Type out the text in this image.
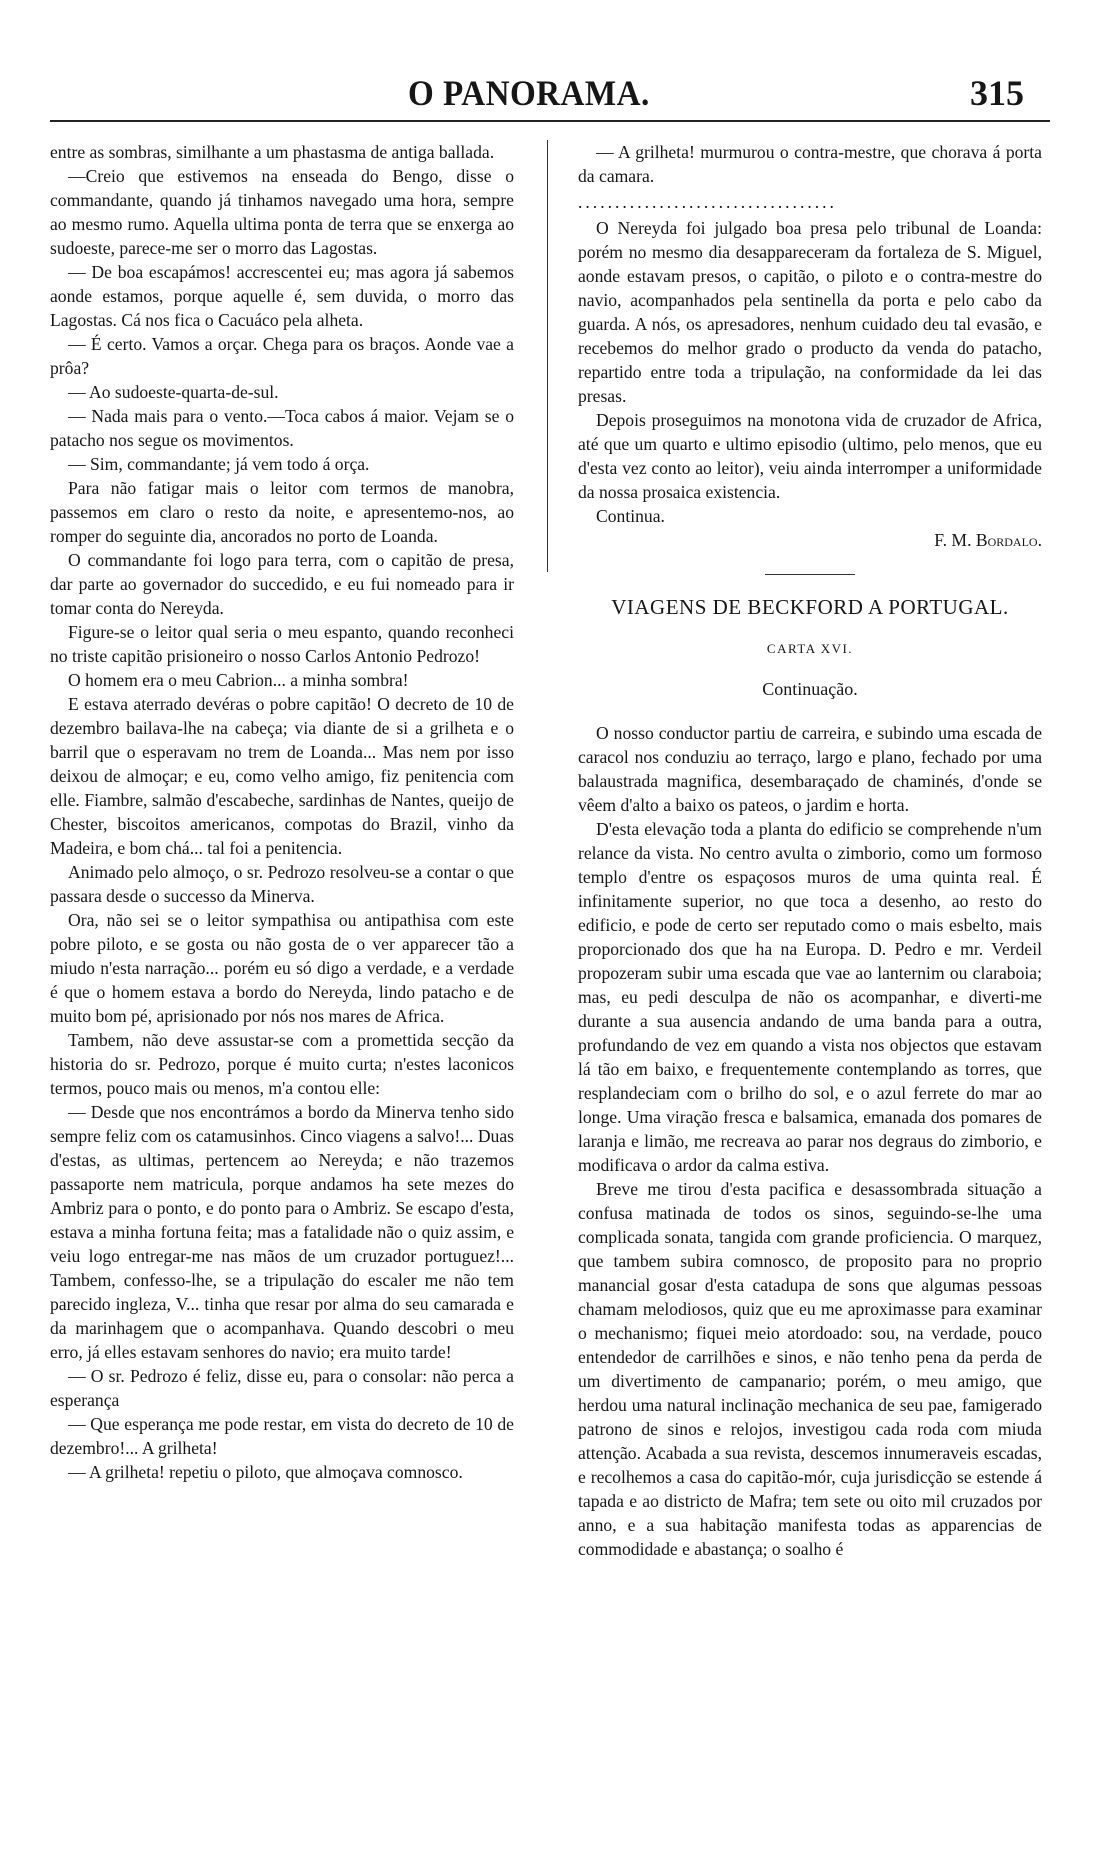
O PANORAMA.	315

entre as sombras, similhante a um phastasma de antiga ballada.

—Creio que estivemos na enseada do Bengo, disse o commandante, quando já tinhamos navegado uma hora, sempre ao mesmo rumo. Aquella ultima ponta de terra que se enxerga ao sudoeste, parece-me ser o morro das Lagostas.

— De boa escapámos! accrescentei eu; mas agora já sabemos aonde estamos, porque aquelle é, sem duvida, o morro das Lagostas. Cá nos fica o Cacuáco pela alheta.

— É certo. Vamos a orçar. Chega para os braços. Aonde vae a prôa?

— Ao sudoeste-quarta-de-sul.

— Nada mais para o vento.—Toca cabos á maior. Vejam se o patacho nos segue os movimentos.

— Sim, commandante; já vem todo á orça.

Para não fatigar mais o leitor com termos de manobra, passemos em claro o resto da noite, e apresentemo-nos, ao romper do seguinte dia, ancorados no porto de Loanda.

O commandante foi logo para terra, com o capitão de presa, dar parte ao governador do succedido, e eu fui nomeado para ir tomar conta do Nereyda.

Figure-se o leitor qual seria o meu espanto, quando reconheci no triste capitão prisioneiro o nosso Carlos Antonio Pedrozo!

O homem era o meu Cabrion... a minha sombra!

E estava aterrado devéras o pobre capitão! O decreto de 10 de dezembro bailava-lhe na cabeça; via diante de si a grilheta e o barril que o esperavam no trem de Loanda... Mas nem por isso deixou de almoçar; e eu, como velho amigo, fiz penitencia com elle. Fiambre, salmão d'escabeche, sardinhas de Nantes, queijo de Chester, biscoitos americanos, compotas do Brazil, vinho da Madeira, e bom chá... tal foi a penitencia.

Animado pelo almoço, o sr. Pedrozo resolveu-se a contar o que passara desde o successo da Minerva.

Ora, não sei se o leitor sympathisa ou antipathisa com este pobre piloto, e se gosta ou não gosta de o ver apparecer tão a miudo n'esta narração... porém eu só digo a verdade, e a verdade é que o homem estava a bordo do Nereyda, lindo patacho e de muito bom pé, aprisionado por nós nos mares de Africa.

Tambem, não deve assustar-se com a promettida secção da historia do sr. Pedrozo, porque é muito curta; n'estes laconicos termos, pouco mais ou menos, m'a contou elle:

— Desde que nos encontrámos a bordo da Minerva tenho sido sempre feliz com os catamusinhos. Cinco viagens a salvo!... Duas d'estas, as ultimas, pertencem ao Nereyda; e não trazemos passaporte nem matricula, porque andamos ha sete mezes do Ambriz para o ponto, e do ponto para o Ambriz. Se escapo d'esta, estava a minha fortuna feita; mas a fatalidade não o quiz assim, e veiu logo entregar-me nas mãos de um cruzador portuguez!... Tambem, confesso-lhe, se a tripulação do escaler me não tem parecido ingleza, V... tinha que resar por alma do seu camarada e da marinhagem que o acompanhava. Quando descobri o meu erro, já elles estavam senhores do navio; era muito tarde!

— O sr. Pedrozo é feliz, disse eu, para o consolar: não perca a esperança

— Que esperança me pode restar, em vista do decreto de 10 de dezembro!... A grilheta!

— A grilheta! repetiu o piloto, que almoçava comnosco.

— A grilheta! murmurou o contra-mestre, que chorava á porta da camara.

...................................

O Nereyda foi julgado boa presa pelo tribunal de Loanda: porém no mesmo dia desappareceram da fortaleza de S. Miguel, aonde estavam presos, o capitão, o piloto e o contra-mestre do navio, acompanhados pela sentinella da porta e pelo cabo da guarda. A nós, os apresadores, nenhum cuidado deu tal evasão, e recebemos do melhor grado o producto da venda do patacho, repartido entre toda a tripulação, na conformidade da lei das presas.

Depois proseguimos na monotona vida de cruzador de Africa, até que um quarto e ultimo episodio (ultimo, pelo menos, que eu d'esta vez conto ao leitor), veiu ainda interromper a uniformidade da nossa prosaica existencia.

Continua.

F. M. Bordalo.

VIAGENS DE BECKFORD A PORTUGAL.
CARTA XVI.
Continuação.

O nosso conductor partiu de carreira, e subindo uma escada de caracol nos conduziu ao terraço, largo e plano, fechado por uma balaustrada magnifica, desembaraçado de chaminés, d'onde se vêem d'alto a baixo os pateos, o jardim e horta.

D'esta elevação toda a planta do edificio se comprehende n'um relance da vista. No centro avulta o zimborio, como um formoso templo d'entre os espaçosos muros de uma quinta real. É infinitamente superior, no que toca a desenho, ao resto do edificio, e pode de certo ser reputado como o mais esbelto, mais proporcionado dos que ha na Europa. D. Pedro e mr. Verdeil propozeram subir uma escada que vae ao lanternim ou claraboia; mas, eu pedi desculpa de não os acompanhar, e diverti-me durante a sua ausencia andando de uma banda para a outra, profundando de vez em quando a vista nos objectos que estavam lá tão em baixo, e frequentemente contemplando as torres, que resplandeciam com o brilho do sol, e o azul ferrete do mar ao longe. Uma viração fresca e balsamica, emanada dos pomares de laranja e limão, me recreava ao parar nos degraus do zimborio, e modificava o ardor da calma estiva.

Breve me tirou d'esta pacifica e desassombrada situação a confusa matinada de todos os sinos, seguindo-se-lhe uma complicada sonata, tangida com grande proficiencia. O marquez, que tambem subira comnosco, de proposito para no proprio manancial gosar d'esta catadupa de sons que algumas pessoas chamam melodiosos, quiz que eu me aproximasse para examinar o mechanismo; fiquei meio atordoado: sou, na verdade, pouco entendedor de carrilhões e sinos, e não tenho pena da perda de um divertimento de campanario; porém, o meu amigo, que herdou uma natural inclinação mechanica de seu pae, famigerado patrono de sinos e relojos, investigou cada roda com miuda attenção. Acabada a sua revista, descemos innumeraveis escadas, e recolhemos a casa do capitão-mór, cuja jurisdicção se estende á tapada e ao districto de Mafra; tem sete ou oito mil cruzados por anno, e a sua habitação manifesta todas as apparencias de commodidade e abastança; o soalho é
